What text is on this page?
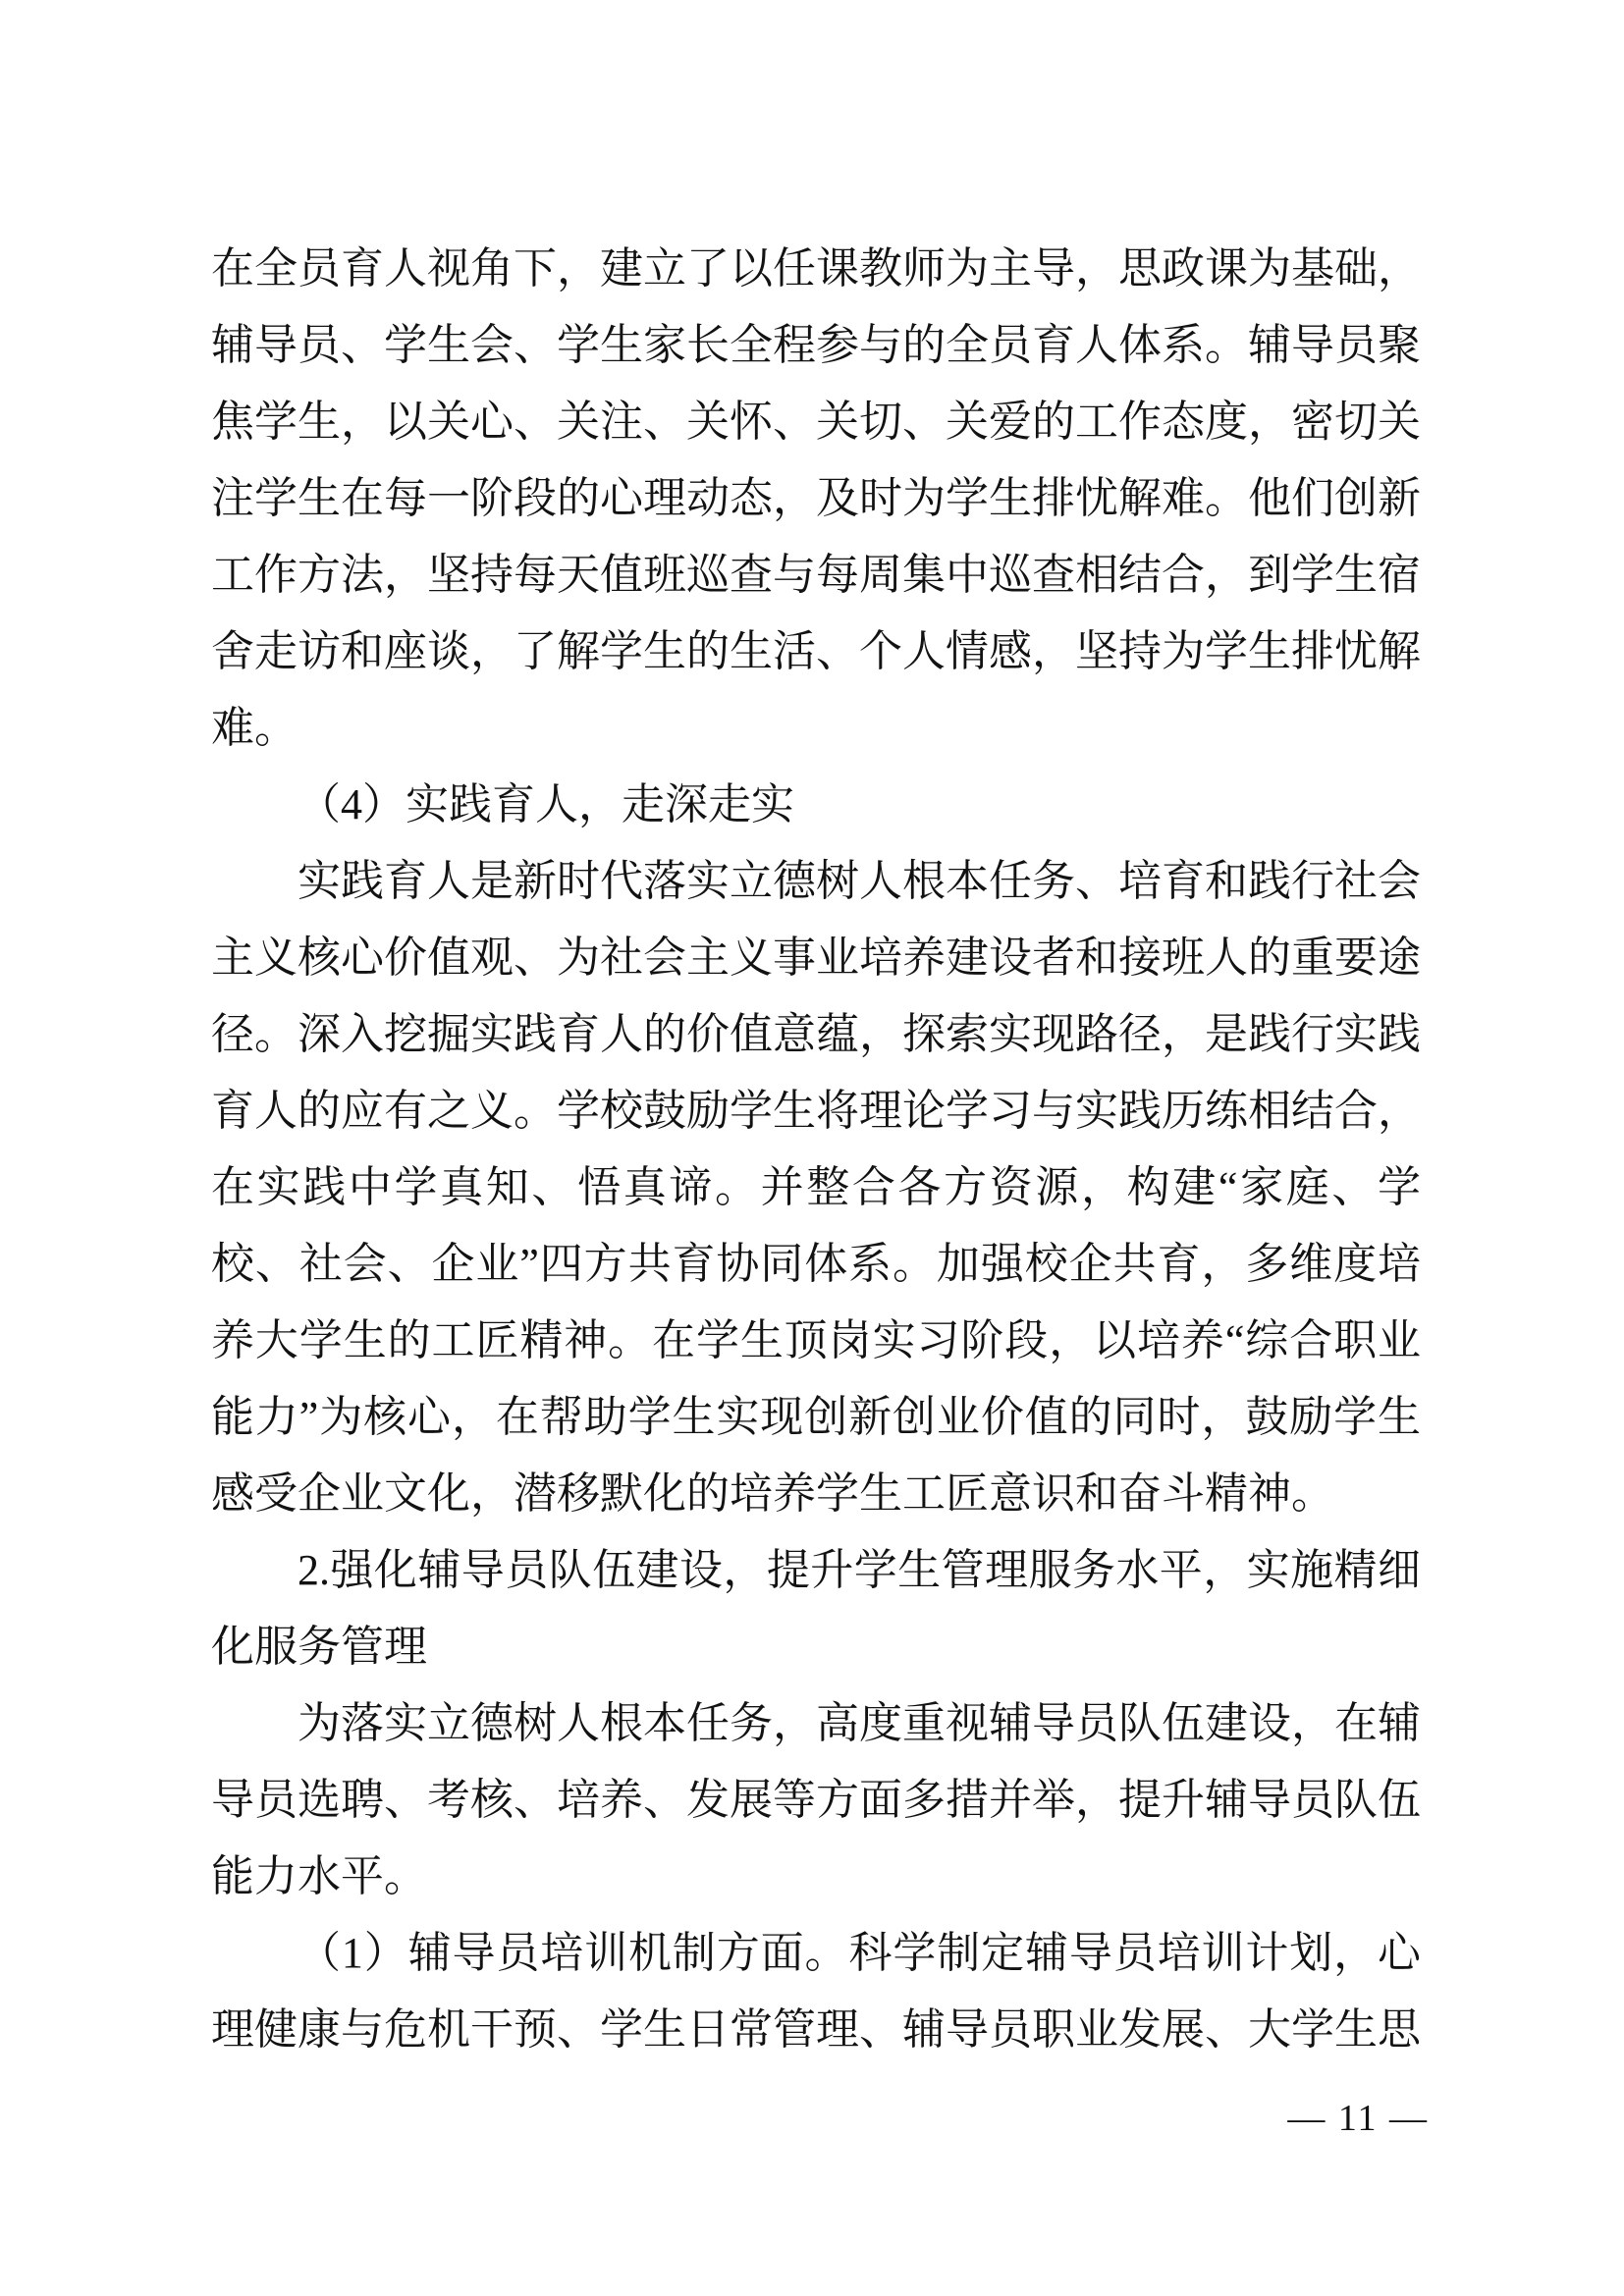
在全员育人视角下，建立了以任课教师为主导，思政课为基础，辅导员、学生会、学生家长全程参与的全员育人体系。辅导员聚焦学生，以关心、关注、关怀、关切、关爱的工作态度，密切关注学生在每一阶段的心理动态，及时为学生排忧解难。他们创新工作方法，坚持每天值班巡查与每周集中巡查相结合，到学生宿舍走访和座谈，了解学生的生活、个人情感，坚持为学生排忧解难。

（4）实践育人，走深走实

实践育人是新时代落实立德树人根本任务、培育和践行社会主义核心价值观、为社会主义事业培养建设者和接班人的重要途径。深入挖掘实践育人的价值意蕴，探索实现路径，是践行实践育人的应有之义。学校鼓励学生将理论学习与实践历练相结合，在实践中学真知、悟真谛。并整合各方资源，构建“家庭、学校、社会、企业”四方共育协同体系。加强校企共育，多维度培养大学生的工匠精神。在学生顶岗实习阶段，以培养“综合职业能力”为核心，在帮助学生实现创新创业价值的同时，鼓励学生感受企业文化，潜移默化的培养学生工匠意识和奋斗精神。

2.强化辅导员队伍建设，提升学生管理服务水平，实施精细化服务管理

为落实立德树人根本任务，高度重视辅导员队伍建设，在辅导员选聘、考核、培养、发展等方面多措并举，提升辅导员队伍能力水平。

（1）辅导员培训机制方面。科学制定辅导员培训计划，心理健康与危机干预、学生日常管理、辅导员职业发展、大学生思

— 11 —
